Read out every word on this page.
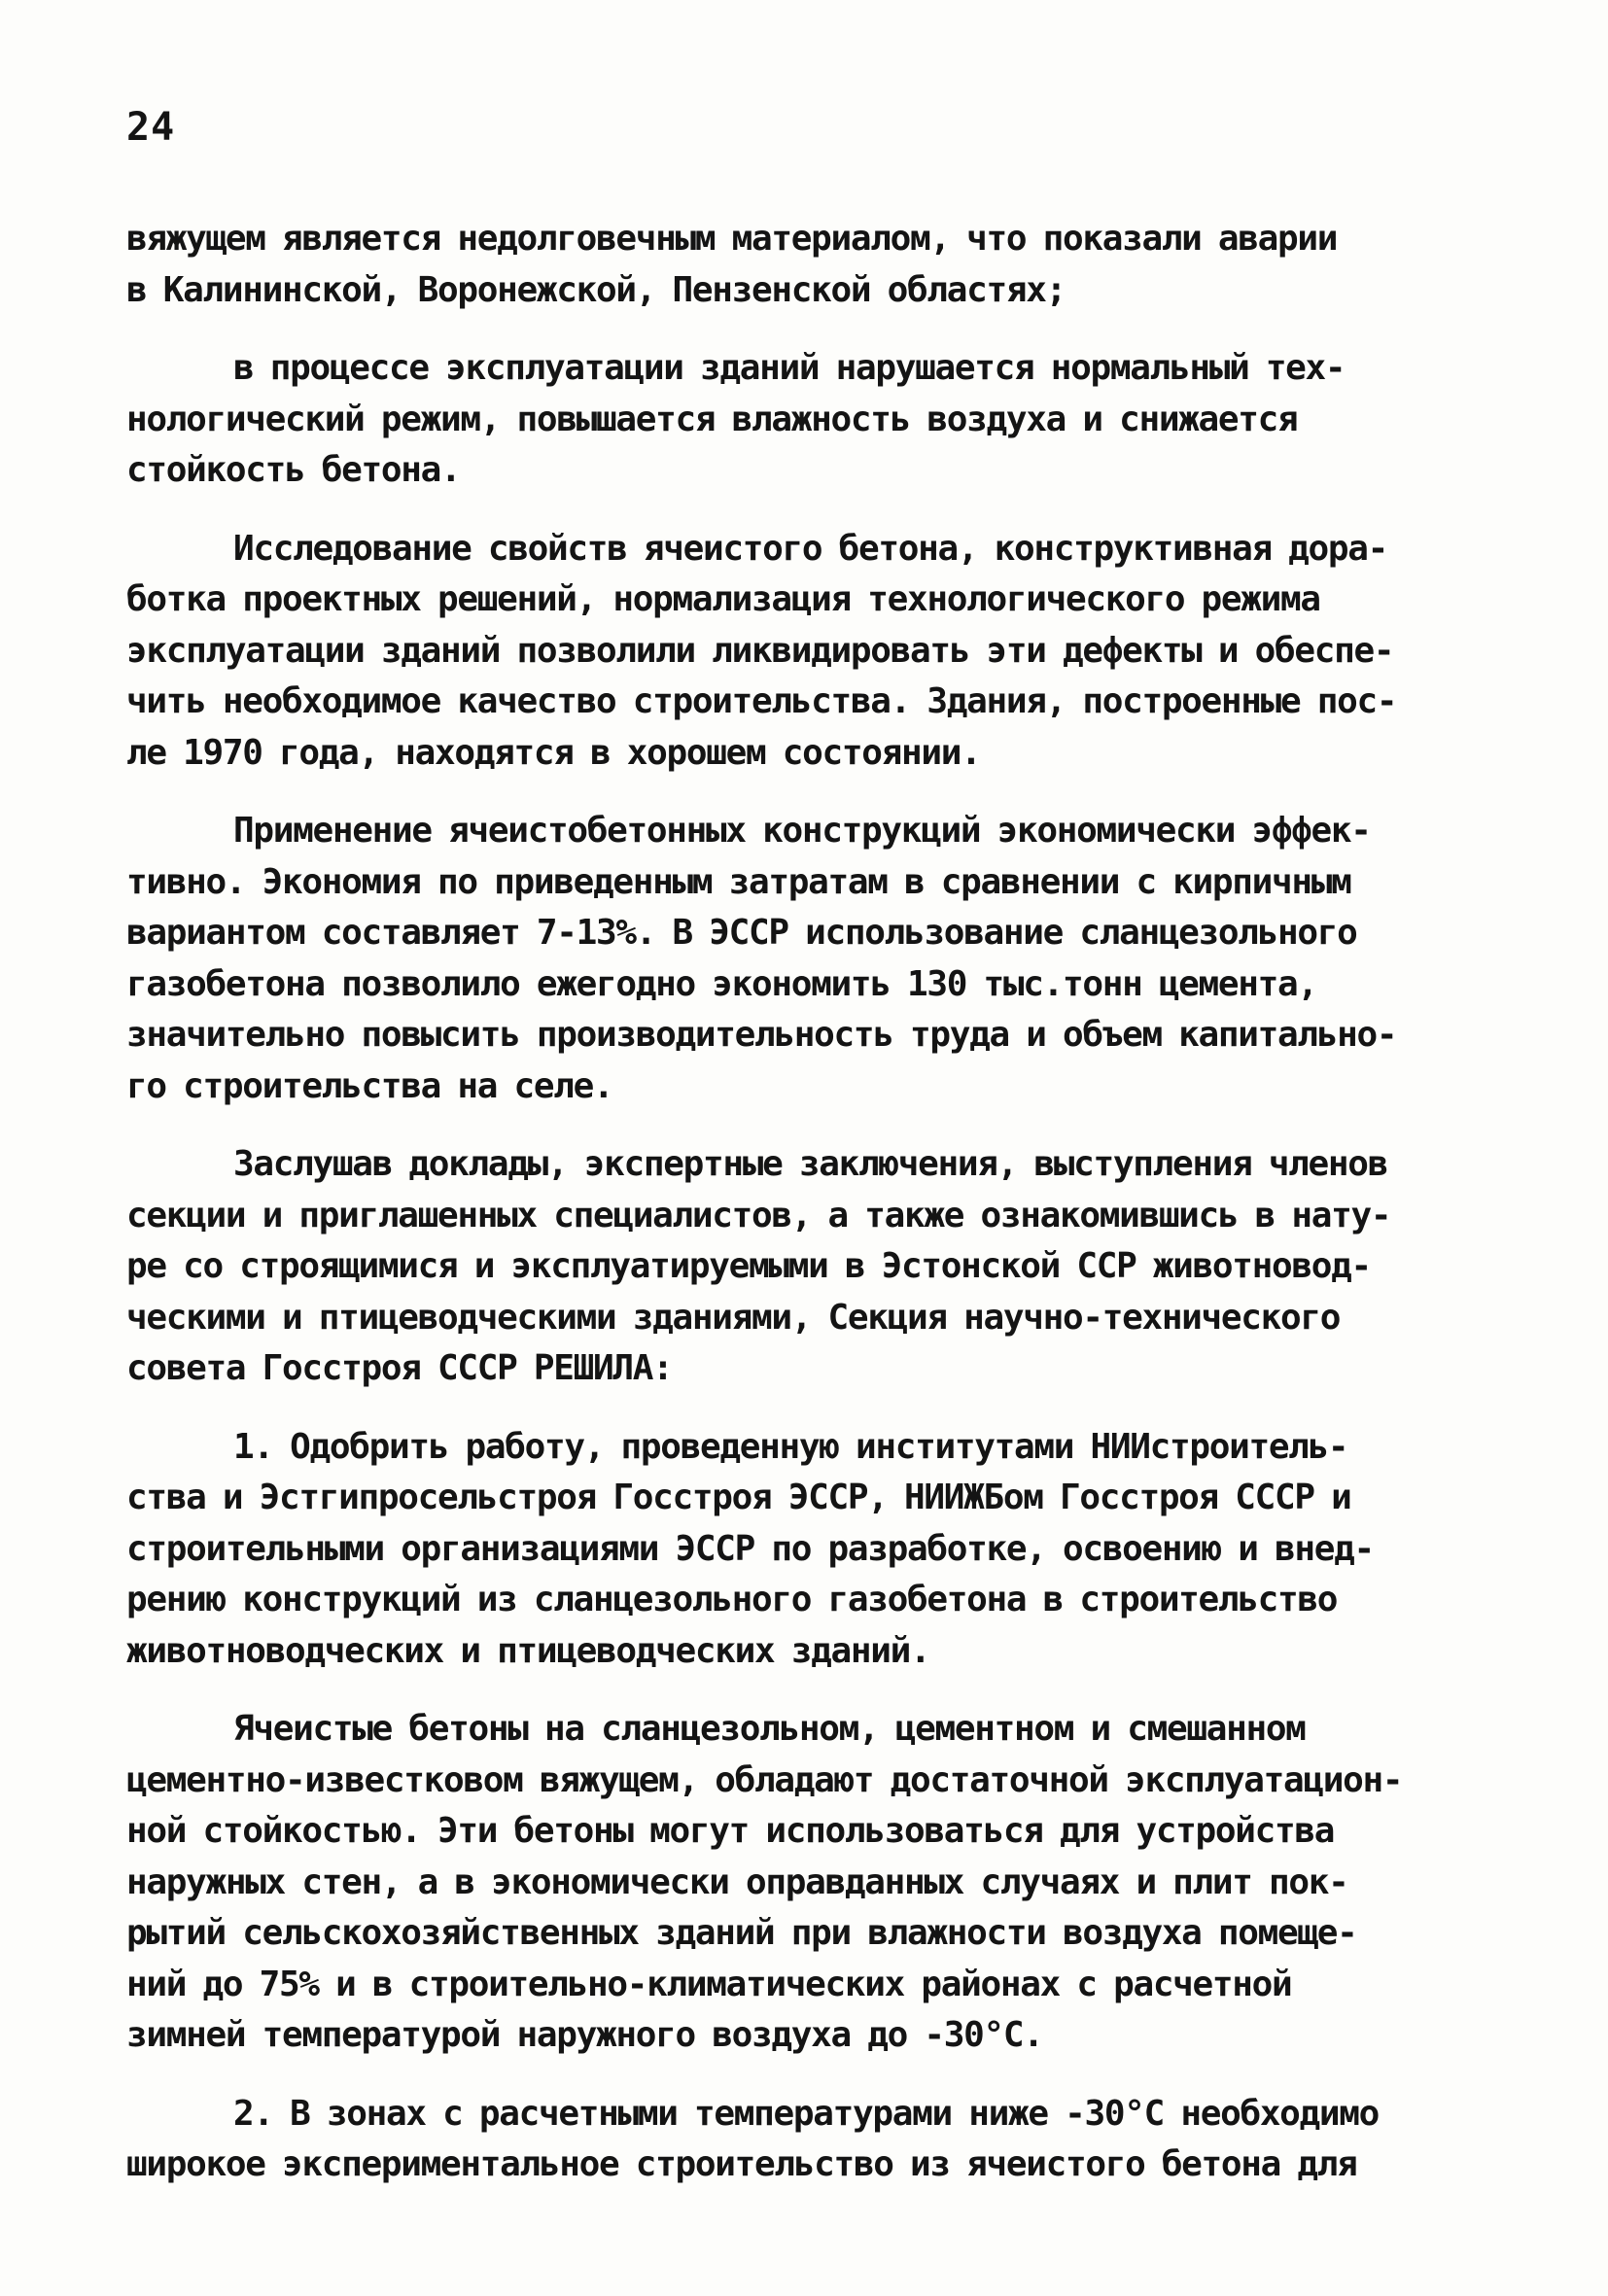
24

вяжущем является недолговечным материалом, что показали аварии
в Калининской, Воронежской, Пензенской областях;

в процессе эксплуатации зданий нарушается нормальный тех-
нологический режим, повышается влажность воздуха и снижается
стойкость бетона.

Исследование свойств ячеистого бетона, конструктивная дора-
ботка проектных решений, нормализация технологического режима
эксплуатации зданий позволили ликвидировать эти дефекты и обеспе-
чить необходимое качество строительства. Здания, построенные пос-
ле 1970 года, находятся в хорошем состоянии.

Применение ячеистобетонных конструкций экономически эффек-
тивно. Экономия по приведенным затратам в сравнении с кирпичным
вариантом составляет 7-13%. В ЭССР использование сланцезольного
газобетона позволило ежегодно экономить 130 тыс.тонн цемента,
значительно повысить производительность труда и объем капитально-
го строительства на селе.

Заслушав доклады, экспертные заключения, выступления членов
секции и приглашенных специалистов, а также ознакомившись в нату-
ре со строящимися и эксплуатируемыми в Эстонской ССР животновод-
ческими и птицеводческими зданиями, Секция научно-технического
совета Госстроя СССР РЕШИЛА:

1. Одобрить работу, проведенную институтами НИИстроитель-
ства и Эстгипросельстроя Госстроя ЭССР, НИИЖБом Госстроя СССР и
строительными организациями ЭССР по разработке, освоению и внед-
рению конструкций из сланцезольного газобетона в строительство
животноводческих и птицеводческих зданий.

Ячеистые бетоны на сланцезольном, цементном и смешанном
цементно-известковом вяжущем, обладают достаточной эксплуатацион-
ной стойкостью. Эти бетоны могут использоваться для устройства
наружных стен, а в экономически оправданных случаях и плит пок-
рытий сельскохозяйственных зданий при влажности воздуха помеще-
ний до 75% и в строительно-климатических районах с расчетной
зимней температурой наружного воздуха до -30°С.

2. В зонах с расчетными температурами ниже -30°С необходимо
широкое экспериментальное строительство из ячеистого бетона для
